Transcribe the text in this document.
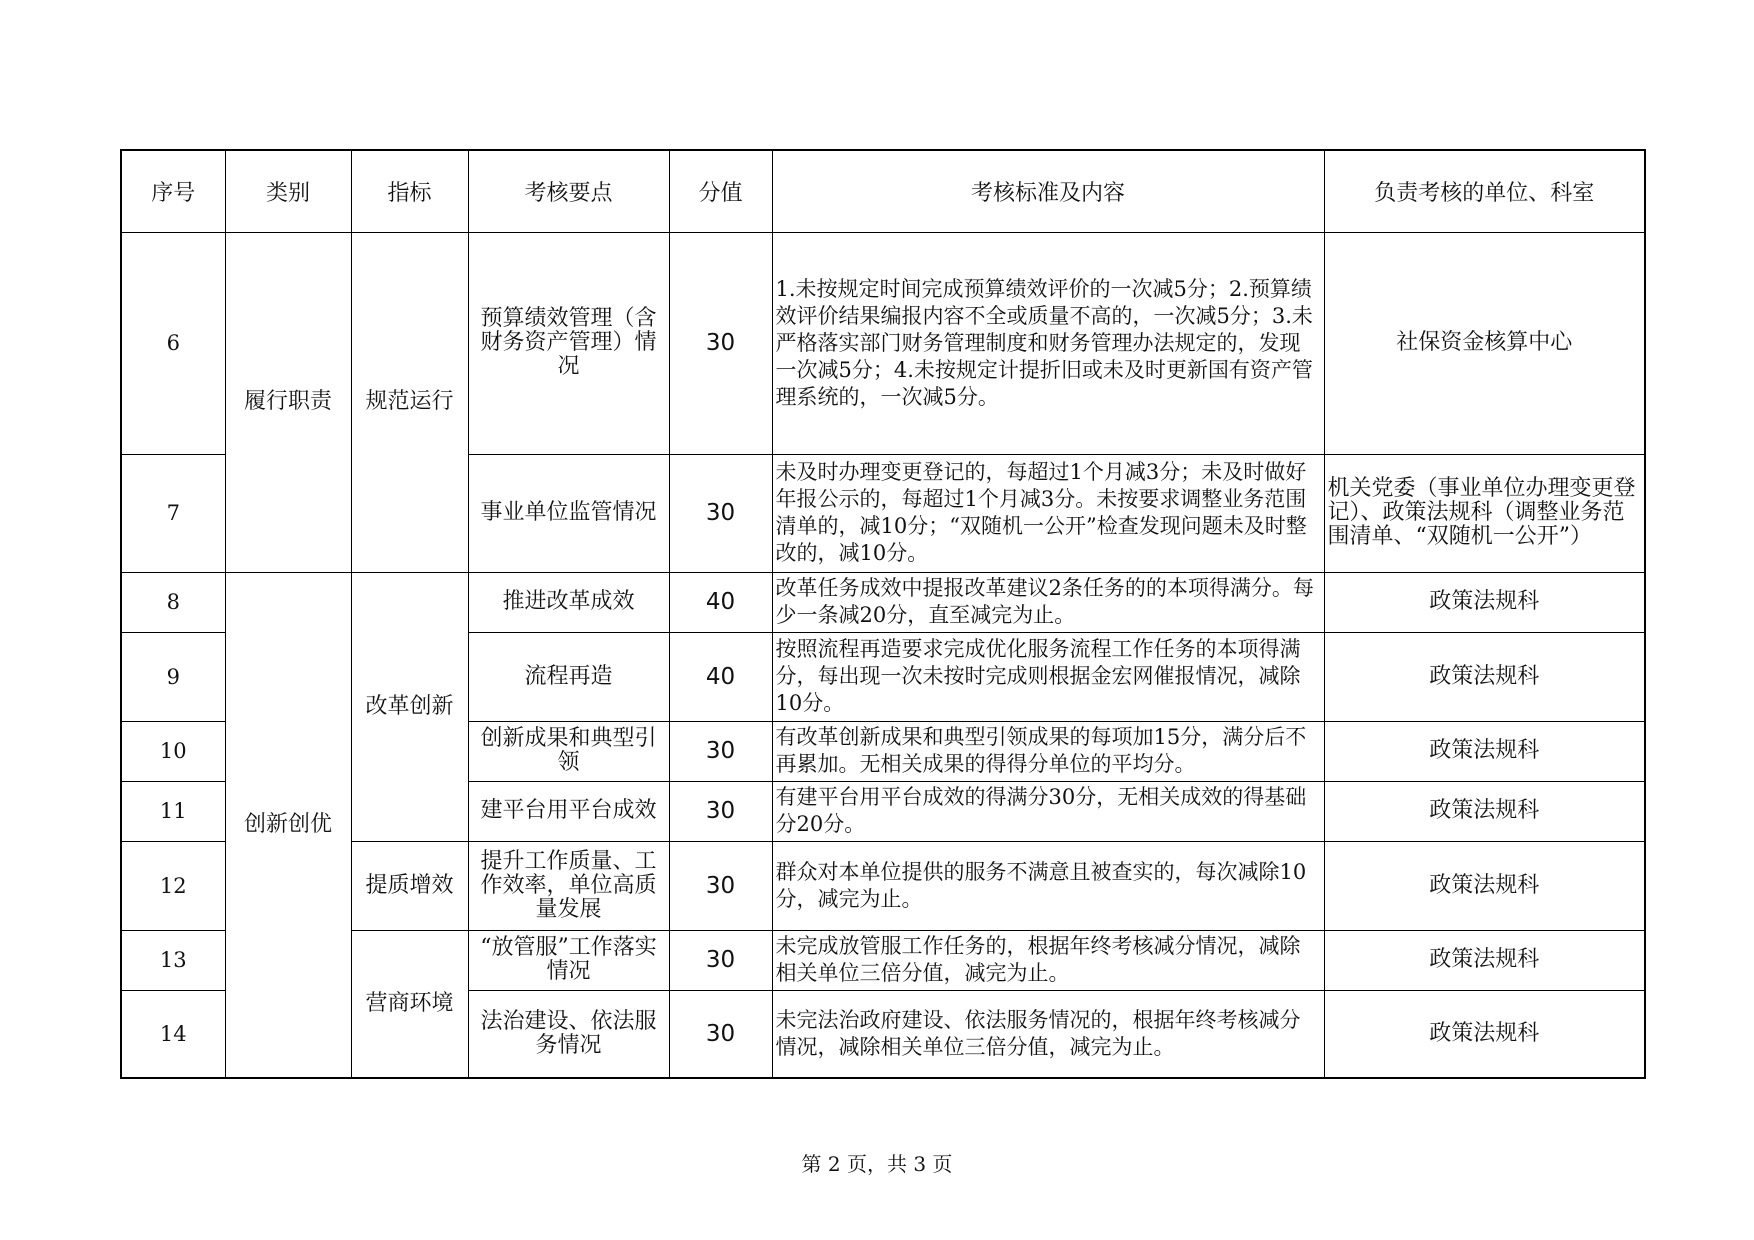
序号	类别	指标	考核要点	分值	考核标准及内容	负责考核的单位、科室
6	履行职责	规范运行	预算绩效管理（含财务资产管理）情况	30	1.未按规定时间完成预算绩效评价的一次减5分；2.预算绩效评价结果编报内容不全或质量不高的，一次减5分；3.未严格落实部门财务管理制度和财务管理办法规定的，发现一次减5分；4.未按规定计提折旧或未及时更新国有资产管理系统的，一次减5分。	社保资金核算中心
7			事业单位监管情况	30	未及时办理变更登记的，每超过1个月减3分；未及时做好年报公示的，每超过1个月减3分。未按要求调整业务范围清单的，减10分；“双随机一公开”检查发现问题未及时整改的，减10分。	机关党委（事业单位办理变更登记）、政策法规科（调整业务范围清单、“双随机一公开”）
8	创新创优	改革创新	推进改革成效	40	改革任务成效中提报改革建议2条任务的的本项得满分。每少一条减20分，直至减完为止。	政策法规科
9			流程再造	40	按照流程再造要求完成优化服务流程工作任务的本项得满分，每出现一次未按时完成则根据金宏网催报情况，减除10分。	政策法规科
10			创新成果和典型引领	30	有改革创新成果和典型引领成果的每项加15分，满分后不再累加。无相关成果的得得分单位的平均分。	政策法规科
11			建平台用平台成效	30	有建平台用平台成效的得满分30分，无相关成效的得基础分20分。	政策法规科
12		提质增效	提升工作质量、工作效率，单位高质量发展	30	群众对本单位提供的服务不满意且被查实的，每次减除10分，减完为止。	政策法规科
13		营商环境	“放管服”工作落实 情况	30	未完成放管服工作任务的，根据年终考核减分情况，减除相关单位三倍分值，减完为止。	政策法规科
14			法治建设、依法服务情况	30	未完法治政府建设、依法服务情况的，根据年终考核减分情况，减除相关单位三倍分值，减完为止。	政策法规科
第 2 页，共 3 页
